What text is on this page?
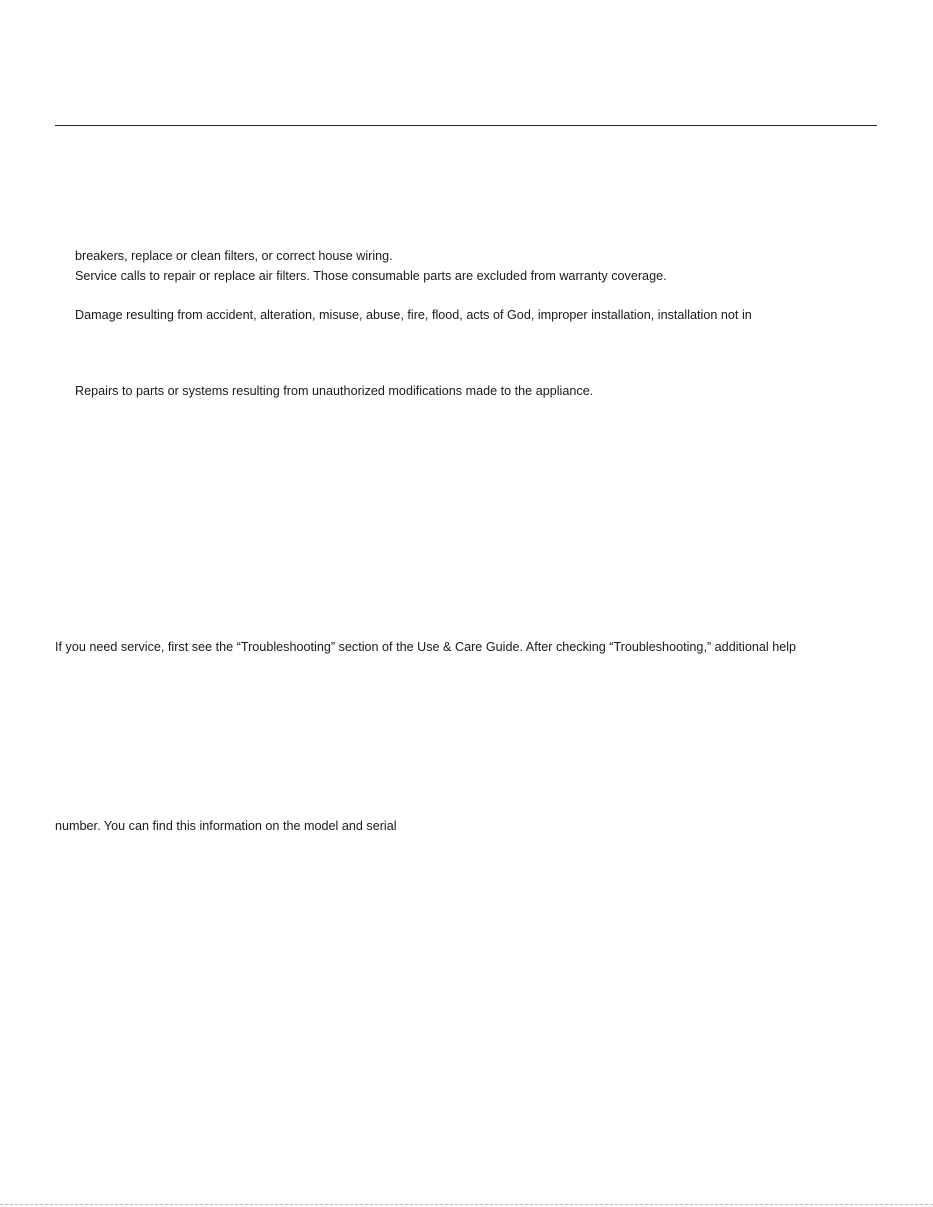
breakers, replace or clean filters, or correct house wiring.
Service calls to repair or replace air filters. Those consumable parts are excluded from warranty coverage.
Damage resulting from accident, alteration, misuse, abuse, fire, flood, acts of God, improper installation, installation not in
Repairs to parts or systems resulting from unauthorized modifications made to the appliance.
If you need service, first see the “Troubleshooting” section of the Use & Care Guide. After checking “Troubleshooting,” additional help
number. You can find this information on the model and serial
